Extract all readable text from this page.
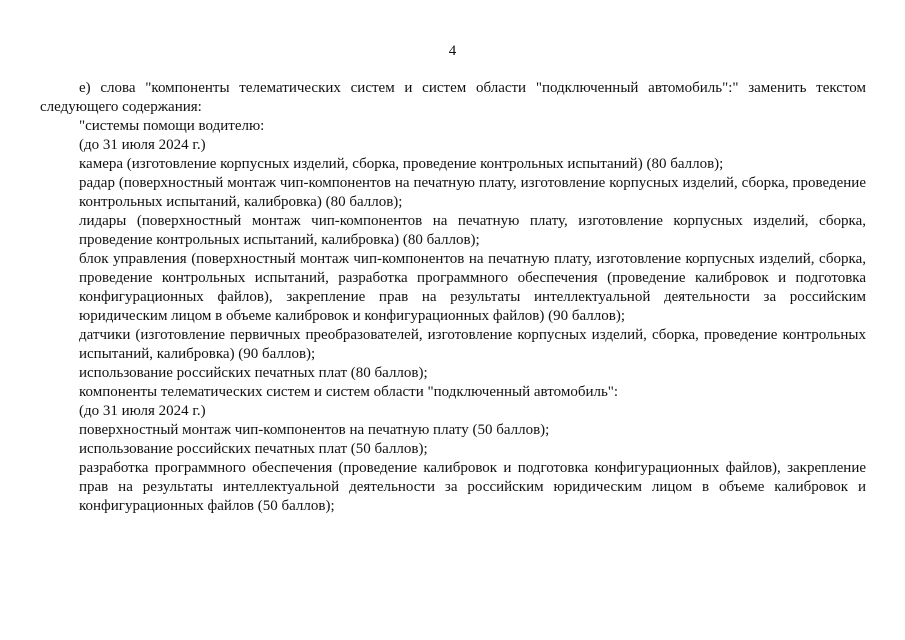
4

е) слова "компоненты телематических систем и систем области "подключенный автомобиль":" заменить текстом следующего содержания:

"системы помощи водителю:

(до 31 июля 2024 г.)

камера (изготовление корпусных изделий, сборка, проведение контрольных испытаний) (80 баллов);

радар (поверхностный монтаж чип-компонентов на печатную плату, изготовление корпусных изделий, сборка, проведение контрольных испытаний, калибровка) (80 баллов);

лидары (поверхностный монтаж чип-компонентов на печатную плату, изготовление корпусных изделий, сборка, проведение контрольных испытаний, калибровка) (80 баллов);

блок управления (поверхностный монтаж чип-компонентов на печатную плату, изготовление корпусных изделий, сборка, проведение контрольных испытаний, разработка программного обеспечения (проведение калибровок и подготовка конфигурационных файлов), закрепление прав на результаты интеллектуальной деятельности за российским юридическим лицом в объеме калибровок и конфигурационных файлов) (90 баллов);

датчики (изготовление первичных преобразователей, изготовление корпусных изделий, сборка, проведение контрольных испытаний, калибровка) (90 баллов);

использование российских печатных плат (80 баллов);

компоненты телематических систем и систем области "подключенный автомобиль":

(до 31 июля 2024 г.)

поверхностный монтаж чип-компонентов на печатную плату (50 баллов);

использование российских печатных плат (50 баллов);

разработка программного обеспечения (проведение калибровок и подготовка конфигурационных файлов), закрепление прав на результаты интеллектуальной деятельности за российским юридическим лицом в объеме калибровок и конфигурационных файлов (50 баллов);
